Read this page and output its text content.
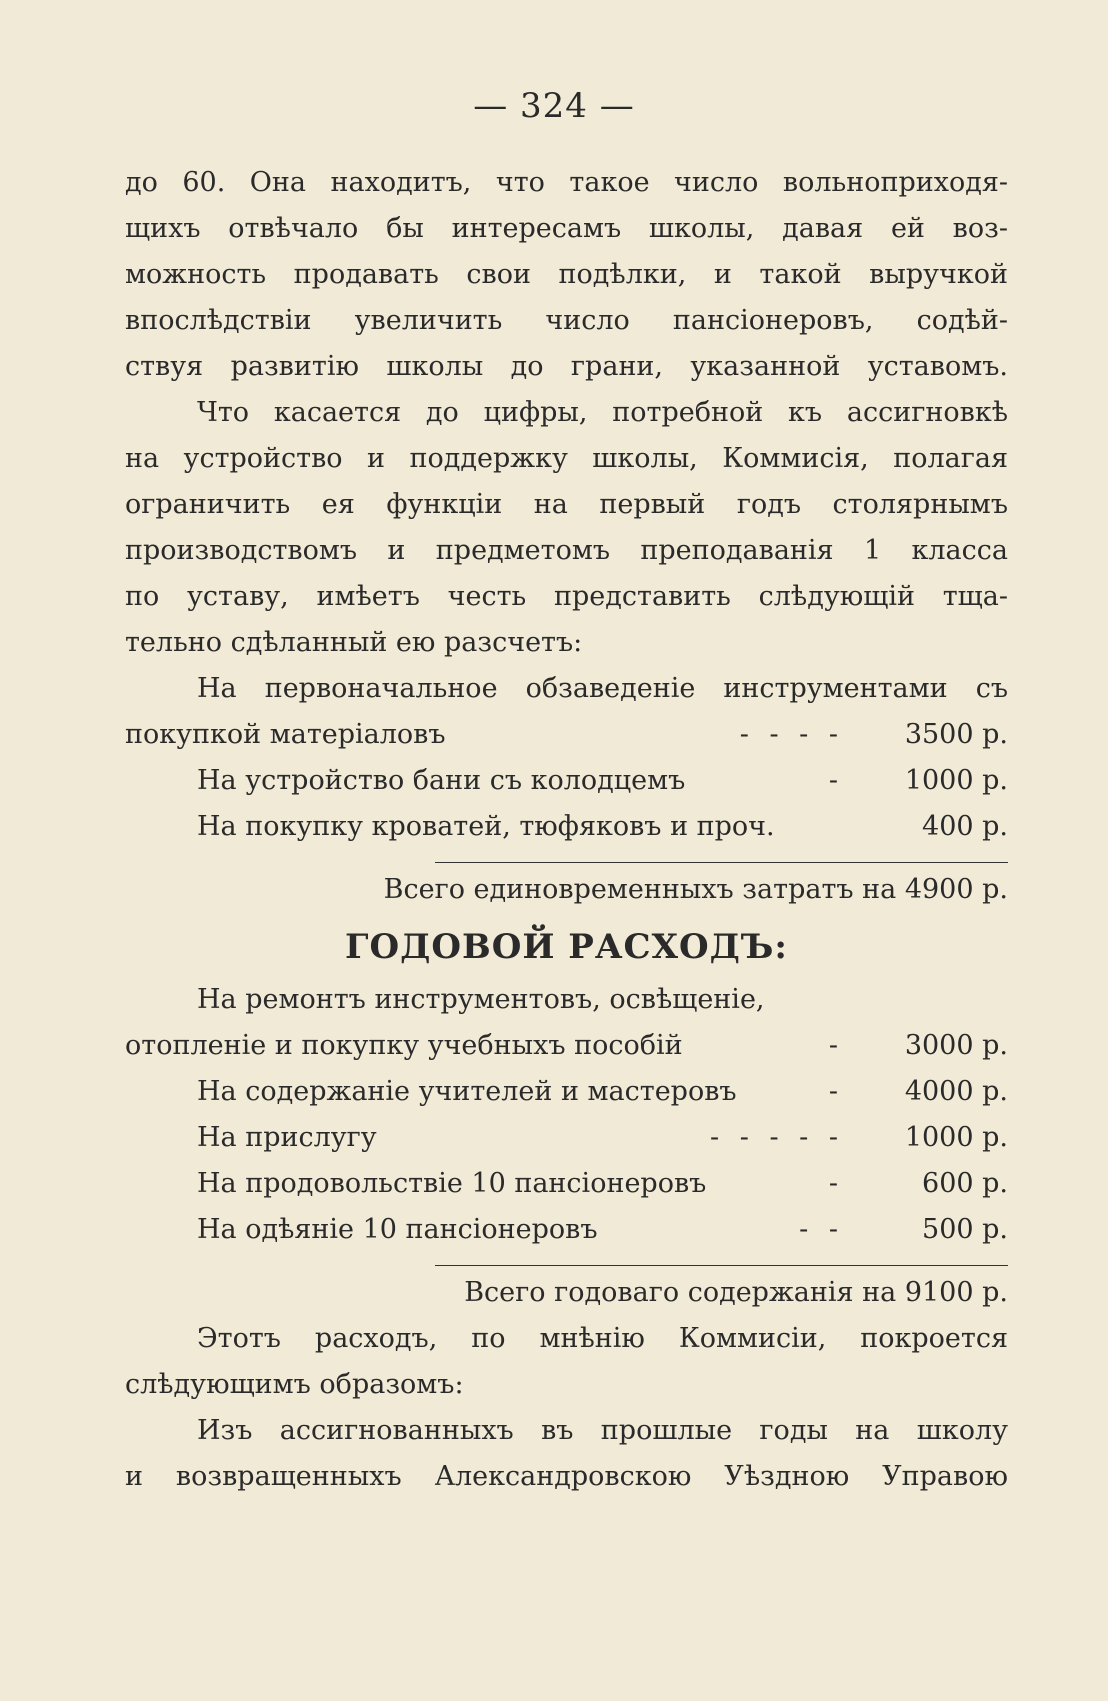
— 324 —
до 60. Она находитъ, что такое число вольноприходя-
щихъ отвѣчало бы интересамъ школы, давая ей воз-
можность продавать свои подѣлки, и такой выручкой
впослѣдствіи увеличить число пансіонеровъ, содѣй-
ствуя развитію школы до грани, указанной уставомъ.
Что касается до цифры, потребной къ ассигновкѣ
на устройство и поддержку школы, Коммисія, полагая
ограничить ея функціи на первый годъ столярнымъ
производствомъ и предметомъ преподаванія 1 класса
по уставу, имѣетъ честь представить слѣдующій тща-
тельно сдѣланный ею разсчетъ:
На первоначальное обзаведеніе инструментами съ
покупкой матеріаловъ	- - - -	3500 р.
На устройство бани съ колодцемъ	-	1000 р.
На покупку кроватей, тюфяковъ и проч.	400 р.
Всего единовременныхъ затратъ на 4900 р.
ГОДОВОЙ РАСХОДЪ:
На ремонтъ инструментовъ, освѣщеніе,
отопленіе и покупку учебныхъ пособій	-	3000 р.
На содержаніе учителей и мастеровъ	-	4000 р.
На прислугу	- - - - -	1000 р.
На продовольствіе 10 пансіонеровъ	-	600 р.
На одѣяніе 10 пансіонеровъ	- -	500 р.
Всего годоваго содержанія на 9100 р.
Этотъ расходъ, по мнѣнію Коммисіи, покроется
слѣдующимъ образомъ:
Изъ ассигнованныхъ въ прошлые годы на школу
и возвращенныхъ Александровскою Уѣздною Управою
